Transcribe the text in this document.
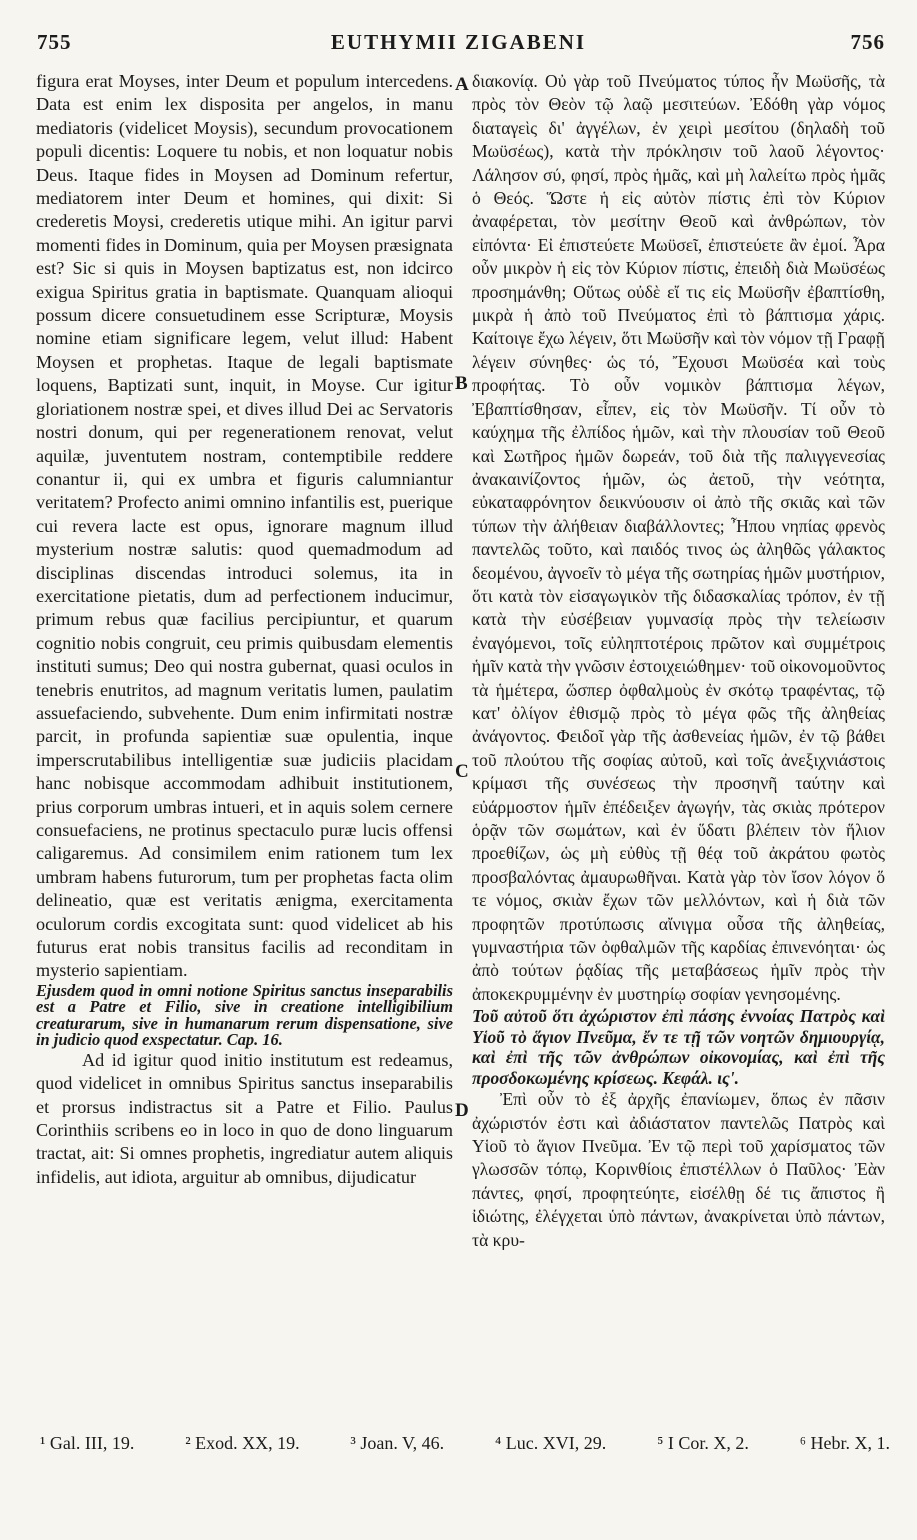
755	EUTHYMII ZIGABENI	756

figura erat Moyses, inter Deum et populum intercedens. Data est enim lex disposita per angelos, in manu mediatoris (videlicet Moysis), secundum provocationem populi dicentis: Loquere tu nobis, et non loquatur nobis Deus. Itaque fides in Moysen ad Dominum refertur, mediatorem inter Deum et homines, qui dixit: Si crederetis Moysi, crederetis utique mihi. An igitur parvi momenti fides in Dominum, quia per Moysen præsignata est? Sic si quis in Moysen baptizatus est, non idcirco exigua Spiritus gratia in baptismate. Quanquam alioqui possum dicere consuetudinem esse Scripturæ, Moysis nomine etiam significare legem, velut illud: Habent Moysen et prophetas. Itaque de legali baptismate loquens, Baptizati sunt, inquit, in Moyse. Cur igitur gloriationem nostræ spei, et dives illud Dei ac Servatoris nostri donum, qui per regenerationem renovat, velut aquilæ, juventutem nostram, contemptibile reddere conantur ii, qui ex umbra et figuris calumniantur veritatem? Profecto animi omnino infantilis est, puerique cui revera lacte est opus, ignorare magnum illud mysterium nostræ salutis: quod quemadmodum ad disciplinas discendas introduci solemus, ita in exercitatione pietatis, dum ad perfectionem inducimur, primum rebus quæ facilius percipiuntur, et quarum cognitio nobis congruit, ceu primis quibusdam elementis instituti sumus; Deo qui nostra gubernat, quasi oculos in tenebris enutritos, ad magnum veritatis lumen, paulatim assuefaciendo, subvehente. Dum enim infirmitati nostræ parcit, in profunda sapientiæ suæ opulentia, inque imperscrutabilibus intelligentiæ suæ judiciis placidam hanc nobisque accommodam adhibuit institutionem, prius corporum umbras intueri, et in aquis solem cernere consuefaciens, ne protinus spectaculo puræ lucis offensi caligaremus. Ad consimilem enim rationem tum lex umbram habens futurorum, tum per prophetas facta olim delineatio, quæ est veritatis ænigma, exercitamenta oculorum cordis excogitata sunt: quod videlicet ab his futurus erat nobis transitus facilis ad reconditam in mysterio sapientiam.

Ejusdem quod in omni notione Spiritus sanctus inseparabilis est a Patre et Filio, sive in creatione intelligibilium creaturarum, sive in humanarum rerum dispensatione, sive in judicio quod exspectatur. Cap. 16.

Ad id igitur quod initio institutum est redeamus, quod videlicet in omnibus Spiritus sanctus inseparabilis et prorsus indistractus sit a Patre et Filio. Paulus Corinthiis scribens eo in loco in quo de dono linguarum tractat, ait: Si omnes prophetis, ingrediatur autem aliquis infidelis, aut idiota, arguitur ab omnibus, dijudicatur

A
B
C
D

διακονίᾳ. Οὐ γὰρ τοῦ Πνεύματος τύπος ἦν Μωϋσῆς, τὰ πρὸς τὸν Θεὸν τῷ λαῷ μεσιτεύων. Ἐδόθη γὰρ νόμος διαταγεὶς δι' ἀγγέλων, ἐν χειρὶ μεσίτου (δηλαδὴ τοῦ Μωϋσέως), κατὰ τὴν πρόκλησιν τοῦ λαοῦ λέγοντος· Λάλησον σύ, φησί, πρὸς ἡμᾶς, καὶ μὴ λαλείτω πρὸς ἡμᾶς ὁ Θεός. Ὥστε ἡ εἰς αὐτὸν πίστις ἐπὶ τὸν Κύριον ἀναφέρεται, τὸν μεσίτην Θεοῦ καὶ ἀνθρώπων, τὸν εἰπόντα· Εἰ ἐπιστεύετε Μωϋσεῖ, ἐπιστεύετε ἂν ἐμοί. Ἆρα οὖν μικρὸν ἡ εἰς τὸν Κύριον πίστις, ἐπειδὴ διὰ Μωϋσέως προσημάνθη; Οὕτως οὐδὲ εἴ τις εἰς Μωϋσῆν ἐβαπτίσθη, μικρὰ ἡ ἀπὸ τοῦ Πνεύματος ἐπὶ τὸ βάπτισμα χάρις. Καίτοιγε ἔχω λέγειν, ὅτι Μωϋσῆν καὶ τὸν νόμον τῇ Γραφῇ λέγειν σύνηθες· ὡς τό, Ἔχουσι Μωϋσέα καὶ τοὺς προφήτας. Τὸ οὖν νομικὸν βάπτισμα λέγων, Ἐβαπτίσθησαν, εἶπεν, εἰς τὸν Μωϋσῆν. Τί οὖν τὸ καύχημα τῆς ἐλπίδος ἡμῶν, καὶ τὴν πλουσίαν τοῦ Θεοῦ καὶ Σωτῆρος ἡμῶν δωρεάν, τοῦ διὰ τῆς παλιγγενεσίας ἀνακαινίζοντος ἡμῶν, ὡς ἀετοῦ, τὴν νεότητα, εὐκαταφρόνητον δεικνύουσιν οἱ ἀπὸ τῆς σκιᾶς καὶ τῶν τύπων τὴν ἀλήθειαν διαβάλλοντες; Ἦπου νηπίας φρενὸς παντελῶς τοῦτο, καὶ παιδός τινος ὡς ἀληθῶς γάλακτος δεομένου, ἀγνοεῖν τὸ μέγα τῆς σωτηρίας ἡμῶν μυστήριον, ὅτι κατὰ τὸν εἰσαγωγικὸν τῆς διδασκαλίας τρόπον, ἐν τῇ κατὰ τὴν εὐσέβειαν γυμνασίᾳ πρὸς τὴν τελείωσιν ἐναγόμενοι, τοῖς εὐληπτοτέροις πρῶτον καὶ συμμέτροις ἡμῖν κατὰ τὴν γνῶσιν ἐστοιχειώθημεν· τοῦ οἰκονομοῦντος τὰ ἡμέτερα, ὥσπερ ὀφθαλμοὺς ἐν σκότῳ τραφέντας, τῷ κατ' ὀλίγον ἐθισμῷ πρὸς τὸ μέγα φῶς τῆς ἀληθείας ἀνάγοντος. Φειδοῖ γὰρ τῆς ἀσθενείας ἡμῶν, ἐν τῷ βάθει τοῦ πλούτου τῆς σοφίας αὐτοῦ, καὶ τοῖς ἀνεξιχνιάστοις κρίμασι τῆς συνέσεως τὴν προσηνῆ ταύτην καὶ εὐάρμοστον ἡμῖν ἐπέδειξεν ἀγωγήν, τὰς σκιὰς πρότερον ὁρᾷν τῶν σωμάτων, καὶ ἐν ὕδατι βλέπειν τὸν ἥλιον προεθίζων, ὡς μὴ εὐθὺς τῇ θέᾳ τοῦ ἀκράτου φωτὸς προσβαλόντας ἀμαυρωθῆναι. Κατὰ γὰρ τὸν ἴσον λόγον ὅ τε νόμος, σκιὰν ἔχων τῶν μελλόντων, καὶ ἡ διὰ τῶν προφητῶν προτύπωσις αἴνιγμα οὖσα τῆς ἀληθείας, γυμναστήρια τῶν ὀφθαλμῶν τῆς καρδίας ἐπινενόηται· ὡς ἀπὸ τούτων ῥᾳδίας τῆς μεταβάσεως ἡμῖν πρὸς τὴν ἀποκεκρυμμένην ἐν μυστηρίῳ σοφίαν γενησομένης.

Τοῦ αὐτοῦ ὅτι ἀχώριστον ἐπὶ πάσης ἐννοίας Πατρὸς καὶ Υἱοῦ τὸ ἅγιον Πνεῦμα, ἔν τε τῇ τῶν νοητῶν δημιουργίᾳ, καὶ ἐπὶ τῆς τῶν ἀνθρώπων οἰκονομίας, καὶ ἐπὶ τῆς προσδοκωμένης κρίσεως. Κεφάλ. ις'.

Ἐπὶ οὖν τὸ ἐξ ἀρχῆς ἐπανίωμεν, ὅπως ἐν πᾶσιν ἀχώριστόν ἐστι καὶ ἀδιάστατον παντελῶς Πατρὸς καὶ Υἱοῦ τὸ ἅγιον Πνεῦμα. Ἐν τῷ περὶ τοῦ χαρίσματος τῶν γλωσσῶν τόπῳ, Κορινθίοις ἐπιστέλλων ὁ Παῦλος· Ἐὰν πάντες, φησί, προφητεύητε, εἰσέλθῃ δέ τις ἄπιστος ἢ ἰδιώτης, ἐλέγχεται ὑπὸ πάντων, ἀνακρίνεται ὑπὸ πάντων, τὰ κρυ-

¹ Gal. III, 19.	² Exod. XX, 19.	³ Joan. V, 46.	⁴ Luc. XVI, 29.	⁵ I Cor. X, 2.	⁶ Hebr. X, 1.
